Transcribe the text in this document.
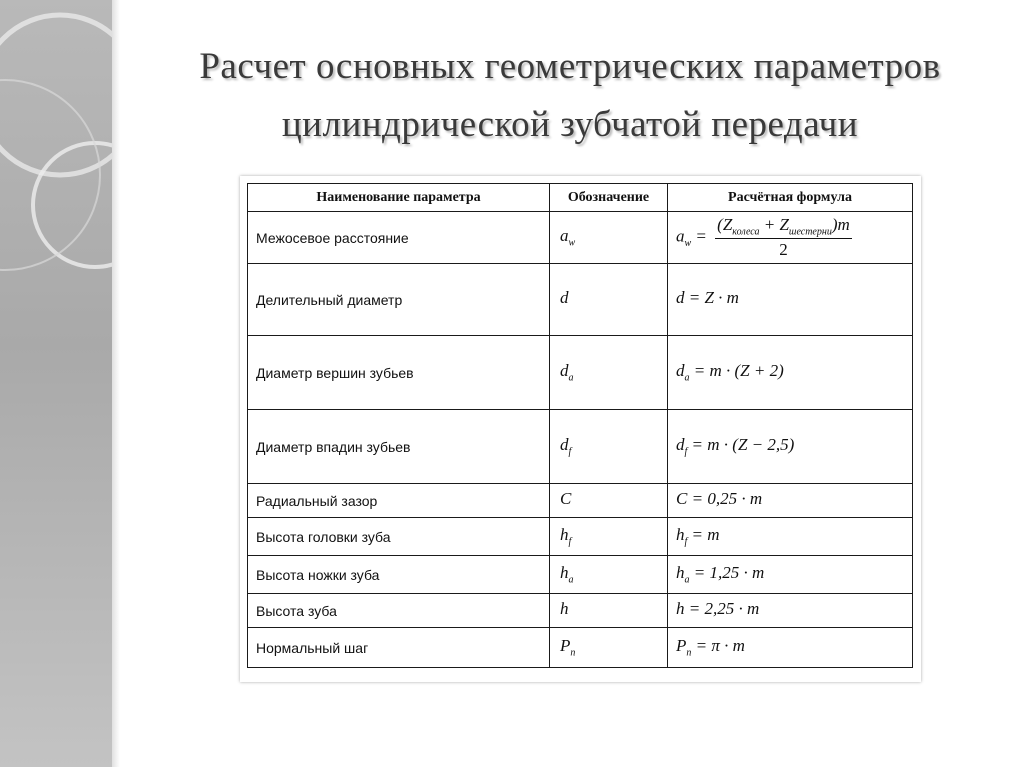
Расчет основных геометрических параметров
цилиндрической зубчатой передачи
Наименование параметра	Обозначение	Расчётная формула
Межосевое расстояние	$a_w$	$a_w = \frac{(Z_{колеса} + Z_{шестерни})m}{2}$

Делительный диаметр	d	d = Z · m
Диаметр вершин зубьев	$d_a$	$d_a = m \cdot (Z + 2)$
Диаметр впадин зубьев	$d_f$	$d_f = m \cdot (Z - 2,5)$
Радиальный зазор	C	C = 0,25 · m
Высота головки зуба	$h_f$	$h_f = m$
Высота ножки зуба	$h_a$	$h_a = 1,25 \cdot m$
Высота зуба	h	h = 2,25 · m
Нормальный шаг	$P_n$	$P_n = \pi \cdot m$
